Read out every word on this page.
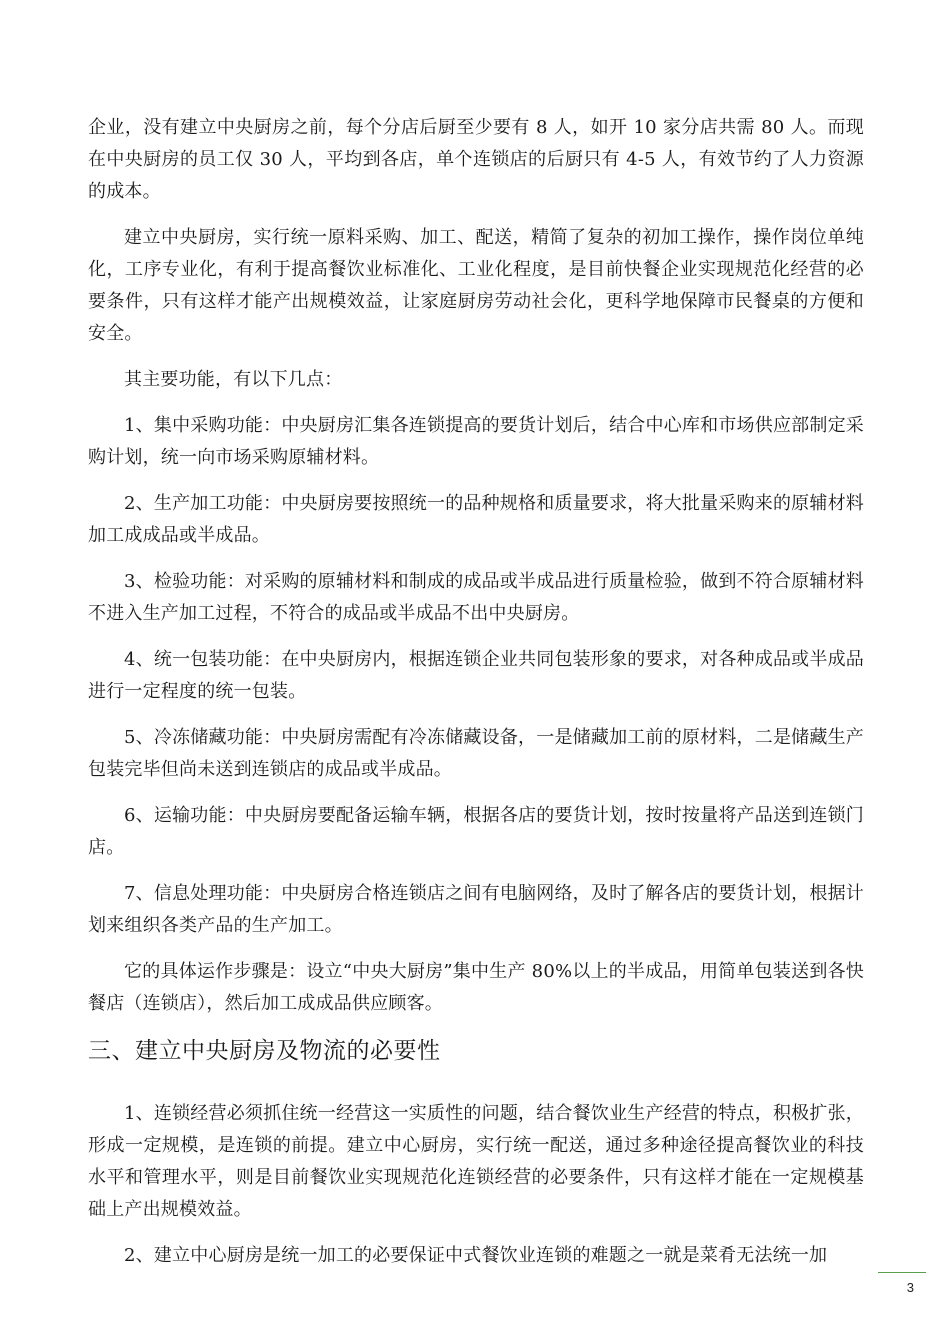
企业，没有建立中央厨房之前，每个分店后厨至少要有 8 人，如开 10 家分店共需 80 人。而现在中央厨房的员工仅 30 人，平均到各店，单个连锁店的后厨只有 4-5 人，有效节约了人力资源的成本。

建立中央厨房，实行统一原料采购、加工、配送，精简了复杂的初加工操作，操作岗位单纯化，工序专业化，有利于提高餐饮业标准化、工业化程度，是目前快餐企业实现规范化经营的必要条件，只有这样才能产出规模效益，让家庭厨房劳动社会化，更科学地保障市民餐桌的方便和安全。

其主要功能，有以下几点：

1、集中采购功能：中央厨房汇集各连锁提高的要货计划后，结合中心库和市场供应部制定采购计划，统一向市场采购原辅材料。

2、生产加工功能：中央厨房要按照统一的品种规格和质量要求，将大批量采购来的原辅材料加工成成品或半成品。

3、检验功能：对采购的原辅材料和制成的成品或半成品进行质量检验，做到不符合原辅材料不进入生产加工过程，不符合的成品或半成品不出中央厨房。

4、统一包装功能：在中央厨房内，根据连锁企业共同包装形象的要求，对各种成品或半成品进行一定程度的统一包装。

5、冷冻储藏功能：中央厨房需配有冷冻储藏设备，一是储藏加工前的原材料，二是储藏生产包装完毕但尚未送到连锁店的成品或半成品。

6、运输功能：中央厨房要配备运输车辆，根据各店的要货计划，按时按量将产品送到连锁门店。

7、信息处理功能：中央厨房合格连锁店之间有电脑网络，及时了解各店的要货计划，根据计划来组织各类产品的生产加工。

它的具体运作步骤是：设立“中央大厨房”集中生产 80%以上的半成品，用简单包装送到各快餐店（连锁店），然后加工成成品供应顾客。

三、建立中央厨房及物流的必要性

1、连锁经营必须抓住统一经营这一实质性的问题，结合餐饮业生产经营的特点，积极扩张，形成一定规模，是连锁的前提。建立中心厨房，实行统一配送，通过多种途径提高餐饮业的科技水平和管理水平，则是目前餐饮业实现规范化连锁经营的必要条件，只有这样才能在一定规模基础上产出规模效益。

2、建立中心厨房是统一加工的必要保证中式餐饮业连锁的难题之一就是菜肴无法统一加

3
